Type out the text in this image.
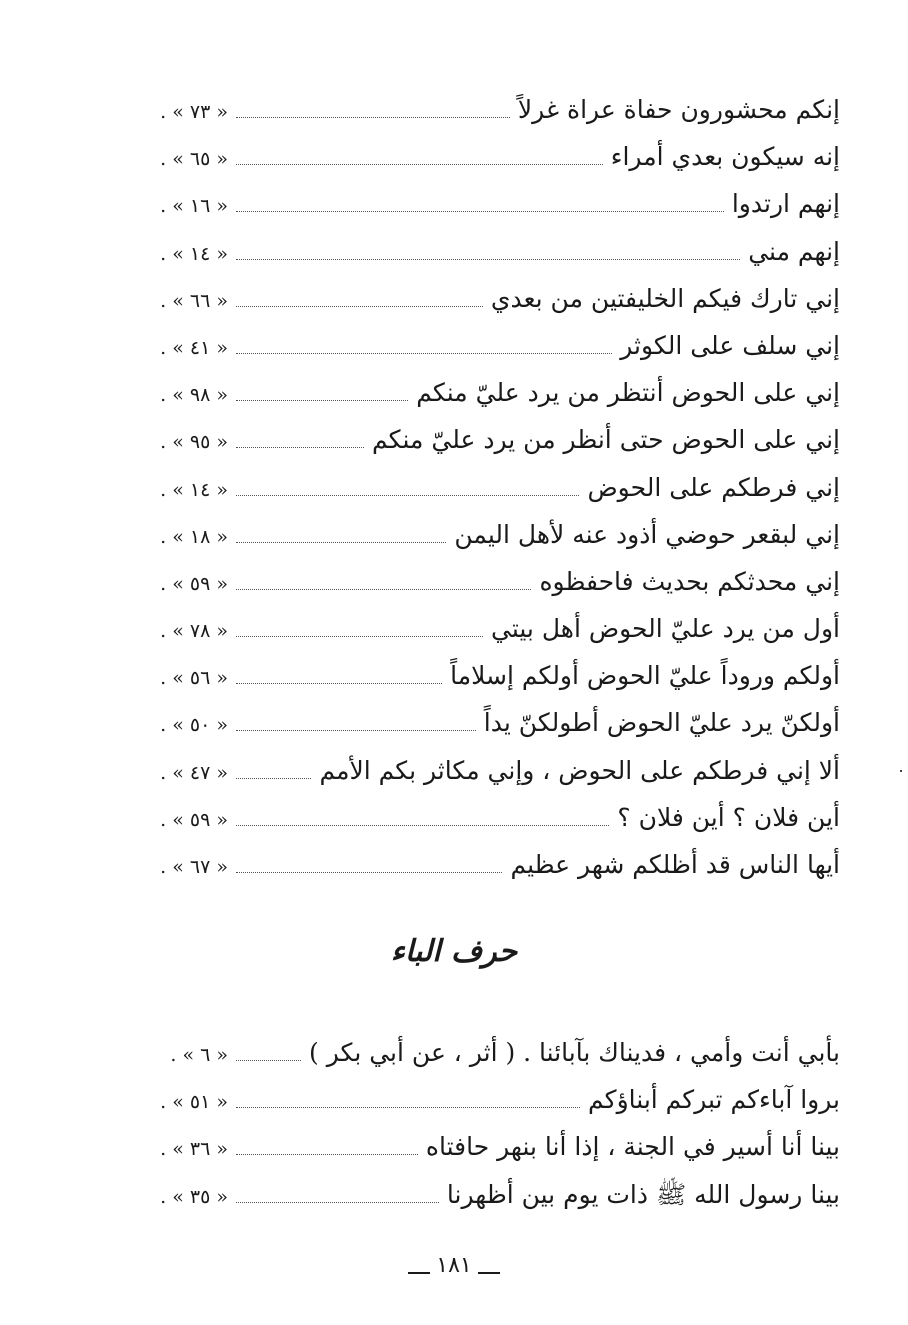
إنكم محشورون حفاة عراة غرلاً
« ٧٣ » .
إنه سيكون بعدي أمراء
« ٦٥ » .
إنهم ارتدوا
« ١٦ » .
إنهم مني
« ١٤ » .
إني تارك فيكم الخليفتين من بعدي
« ٦٦ » .
إني سلف على الكوثر
« ٤١ » .
إني على الحوض أنتظر من يرد عليّ منكم
« ٩٨ » .
إني على الحوض حتى أنظر من يرد عليّ منكم
« ٩٥ » .
إني فرطكم على الحوض
« ١٤ » .
إني لبقعر حوضي أذود عنه لأهل اليمن
« ١٨ » .
إني محدثكم بحديث فاحفظوه
« ٥٩ » .
أول من يرد عليّ الحوض أهل بيتي
« ٧٨ » .
أولكم وروداً عليّ الحوض أولكم إسلاماً
« ٥٦ » .
أولكنّ يرد عليّ الحوض أطولكنّ يداً
« ٥٠ » .
ألا إني فرطكم على الحوض ، وإني مكاثر بكم الأمم
« ٤٧ » .
أين فلان ؟ أين فلان ؟
« ٥٩ » .
أيها الناس قد أظلكم شهر عظيم
« ٦٧ » .
حرف الباء
بأبي أنت وأمي ، فديناك بآبائنا . ( أثر ، عن أبي بكر )
« ٦ » .
بروا آباءكم تبركم أبناؤكم
« ٥١ » .
بينا أنا أسير في الجنة ، إذا أنا بنهر حافتاه
« ٣٦ » .
بينا رسول الله ﷺ ذات يوم بين أظهرنا
« ٣٥ » .
١٨١
